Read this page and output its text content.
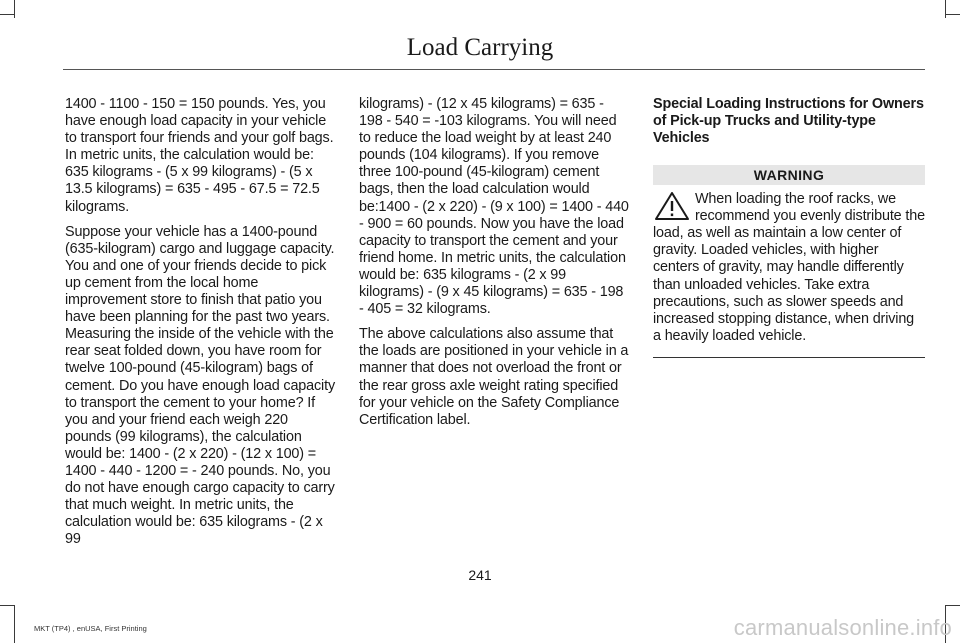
Load Carrying

1400 - 1100 - 150 = 150 pounds. Yes, you have enough load capacity in your vehicle to transport four friends and your golf bags. In metric units, the calculation would be: 635 kilograms - (5 x 99 kilograms) - (5 x 13.5 kilograms) = 635 - 495 - 67.5 = 72.5 kilograms.

Suppose your vehicle has a 1400-pound (635-kilogram) cargo and luggage capacity. You and one of your friends decide to pick up cement from the local home improvement store to finish that patio you have been planning for the past two years. Measuring the inside of the vehicle with the rear seat folded down, you have room for twelve 100-pound (45-kilogram) bags of cement. Do you have enough load capacity to transport the cement to your home? If you and your friend each weigh 220 pounds (99 kilograms), the calculation would be: 1400 - (2 x 220) - (12 x 100) = 1400 - 440 - 1200 = - 240 pounds. No, you do not have enough cargo capacity to carry that much weight. In metric units, the calculation would be: 635 kilograms - (2 x 99

kilograms) - (12 x 45 kilograms) = 635 - 198 - 540 = -103 kilograms. You will need to reduce the load weight by at least 240 pounds (104 kilograms). If you remove three 100-pound (45-kilogram) cement bags, then the load calculation would be:1400 - (2 x 220) - (9 x 100) = 1400 - 440 - 900 = 60 pounds. Now you have the load capacity to transport the cement and your friend home. In metric units, the calculation would be: 635 kilograms - (2 x 99 kilograms) - (9 x 45 kilograms) = 635 - 198 - 405 = 32 kilograms.

The above calculations also assume that the loads are positioned in your vehicle in a manner that does not overload the front or the rear gross axle weight rating specified for your vehicle on the Safety Compliance Certification label.

Special Loading Instructions for Owners of Pick-up Trucks and Utility-type Vehicles

WARNING
When loading the roof racks, we recommend you evenly distribute the load, as well as maintain a low center of gravity. Loaded vehicles, with higher centers of gravity, may handle differently than unloaded vehicles. Take extra precautions, such as slower speeds and increased stopping distance, when driving a heavily loaded vehicle.
241
MKT (TP4) , enUSA, First Printing	carmanualsonline.info
